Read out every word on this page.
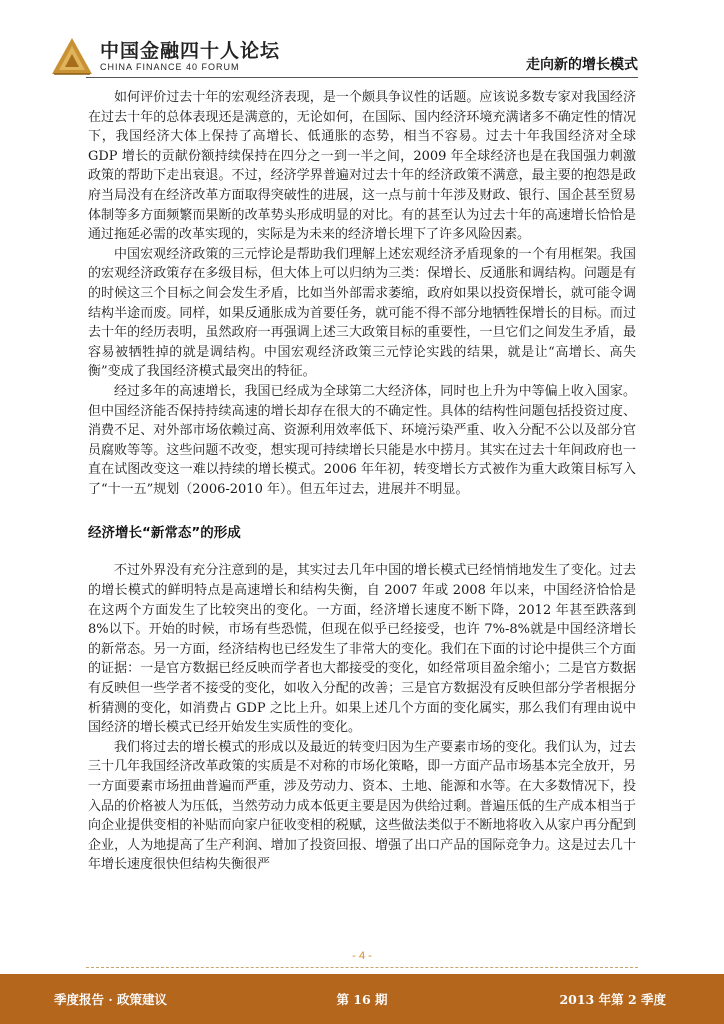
中国金融四十人论坛
CHINA FINANCE 40 FORUM	走向新的增长模式

如何评价过去十年的宏观经济表现，是一个颇具争议性的话题。应该说多数专家对我国经济在过去十年的总体表现还是满意的，无论如何，在国际、国内经济环境充满诸多不确定性的情况下，我国经济大体上保持了高增长、低通胀的态势，相当不容易。过去十年我国经济对全球 GDP 增长的贡献份额持续保持在四分之一到一半之间，2009 年全球经济也是在我国强力刺激政策的帮助下走出衰退。不过，经济学界普遍对过去十年的经济政策不满意，最主要的抱怨是政府当局没有在经济改革方面取得突破性的进展，这一点与前十年涉及财政、银行、国企甚至贸易体制等多方面频繁而果断的改革势头形成明显的对比。有的甚至认为过去十年的高速增长恰恰是通过拖延必需的改革实现的，实际是为未来的经济增长埋下了许多风险因素。

中国宏观经济政策的三元悖论是帮助我们理解上述宏观经济矛盾现象的一个有用框架。我国的宏观经济政策存在多级目标，但大体上可以归纳为三类：保增长、反通胀和调结构。问题是有的时候这三个目标之间会发生矛盾，比如当外部需求萎缩，政府如果以投资保增长，就可能令调结构半途而废。同样，如果反通胀成为首要任务，就可能不得不部分地牺牲保增长的目标。而过去十年的经历表明，虽然政府一再强调上述三大政策目标的重要性，一旦它们之间发生矛盾，最容易被牺牲掉的就是调结构。中国宏观经济政策三元悖论实践的结果，就是让“高增长、高失衡”变成了我国经济模式最突出的特征。

经过多年的高速增长，我国已经成为全球第二大经济体，同时也上升为中等偏上收入国家。但中国经济能否保持持续高速的增长却存在很大的不确定性。具体的结构性问题包括投资过度、消费不足、对外部市场依赖过高、资源利用效率低下、环境污染严重、收入分配不公以及部分官员腐败等等。这些问题不改变，想实现可持续增长只能是水中捞月。其实在过去十年间政府也一直在试图改变这一难以持续的增长模式。2006 年年初，转变增长方式被作为重大政策目标写入了“十一五”规划（2006-2010 年）。但五年过去，进展并不明显。

经济增长“新常态”的形成

不过外界没有充分注意到的是，其实过去几年中国的增长模式已经悄悄地发生了变化。过去的增长模式的鲜明特点是高速增长和结构失衡，自 2007 年或 2008 年以来，中国经济恰恰是在这两个方面发生了比较突出的变化。一方面，经济增长速度不断下降，2012 年甚至跌落到 8%以下。开始的时候，市场有些恐慌，但现在似乎已经接受，也许 7%-8%就是中国经济增长的新常态。另一方面，经济结构也已经发生了非常大的变化。我们在下面的讨论中提供三个方面的证据：一是官方数据已经反映而学者也大都接受的变化，如经常项目盈余缩小；二是官方数据有反映但一些学者不接受的变化，如收入分配的改善；三是官方数据没有反映但部分学者根据分析猜测的变化，如消费占 GDP 之比上升。如果上述几个方面的变化属实，那么我们有理由说中国经济的增长模式已经开始发生实质性的变化。

我们将过去的增长模式的形成以及最近的转变归因为生产要素市场的变化。我们认为，过去三十几年我国经济改革政策的实质是不对称的市场化策略，即一方面产品市场基本完全放开，另一方面要素市场扭曲普遍而严重，涉及劳动力、资本、土地、能源和水等。在大多数情况下，投入品的价格被人为压低，当然劳动力成本低更主要是因为供给过剩。普遍压低的生产成本相当于向企业提供变相的补贴而向家户征收变相的税赋，这些做法类似于不断地将收入从家户再分配到企业，人为地提高了生产利润、增加了投资回报、增强了出口产品的国际竞争力。这是过去几十年增长速度很快但结构失衡很严

- 4 -
季度报告 · 政策建议	第 16 期	2013 年第 2 季度
